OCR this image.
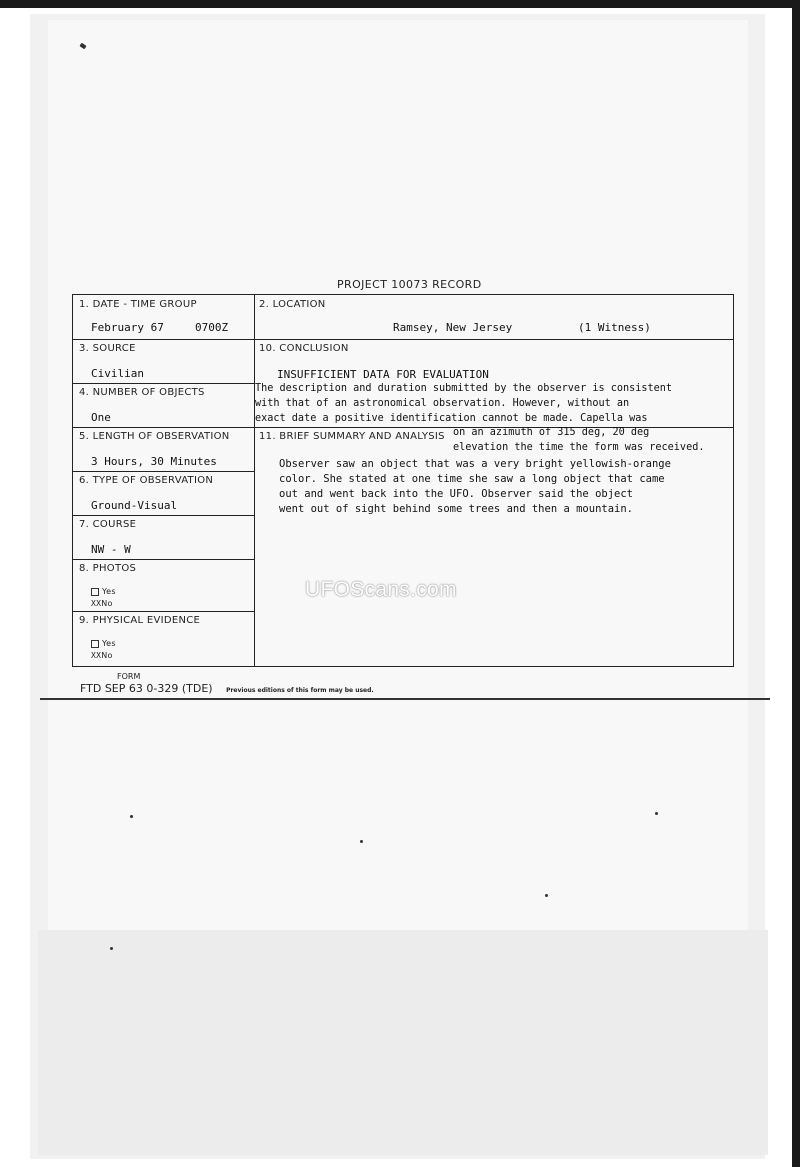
PROJECT 10073 RECORD
1. DATE - TIME GROUP
February 67	0700Z
2. LOCATION
Ramsey, New Jersey	(1 Witness)
3. SOURCE
Civilian
4. NUMBER OF OBJECTS
One
5. LENGTH OF OBSERVATION
3 Hours, 30 Minutes
6. TYPE OF OBSERVATION
Ground-Visual
7. COURSE
NW - W
8. PHOTOS
Yes
XXNo
9. PHYSICAL EVIDENCE
Yes
XXNo
10. CONCLUSION
INSUFFICIENT DATA FOR EVALUATION
The description and duration submitted by the observer is consistent
with that of an astronomical observation. However, without an
exact date a positive identification cannot be made. Capella was
11. BRIEF SUMMARY AND ANALYSIS on an azimuth of 315 deg, 20 deg
elevation the time the form was received.
Observer saw an object that was a very bright yellowish-orange
color. She stated at one time she saw a long object that came
out and went back into the UFO. Observer said the object
went out of sight behind some trees and then a mountain.
UFOScans.com
FORM
FTD SEP 63 0-329 (TDE) Previous editions of this form may be used.
